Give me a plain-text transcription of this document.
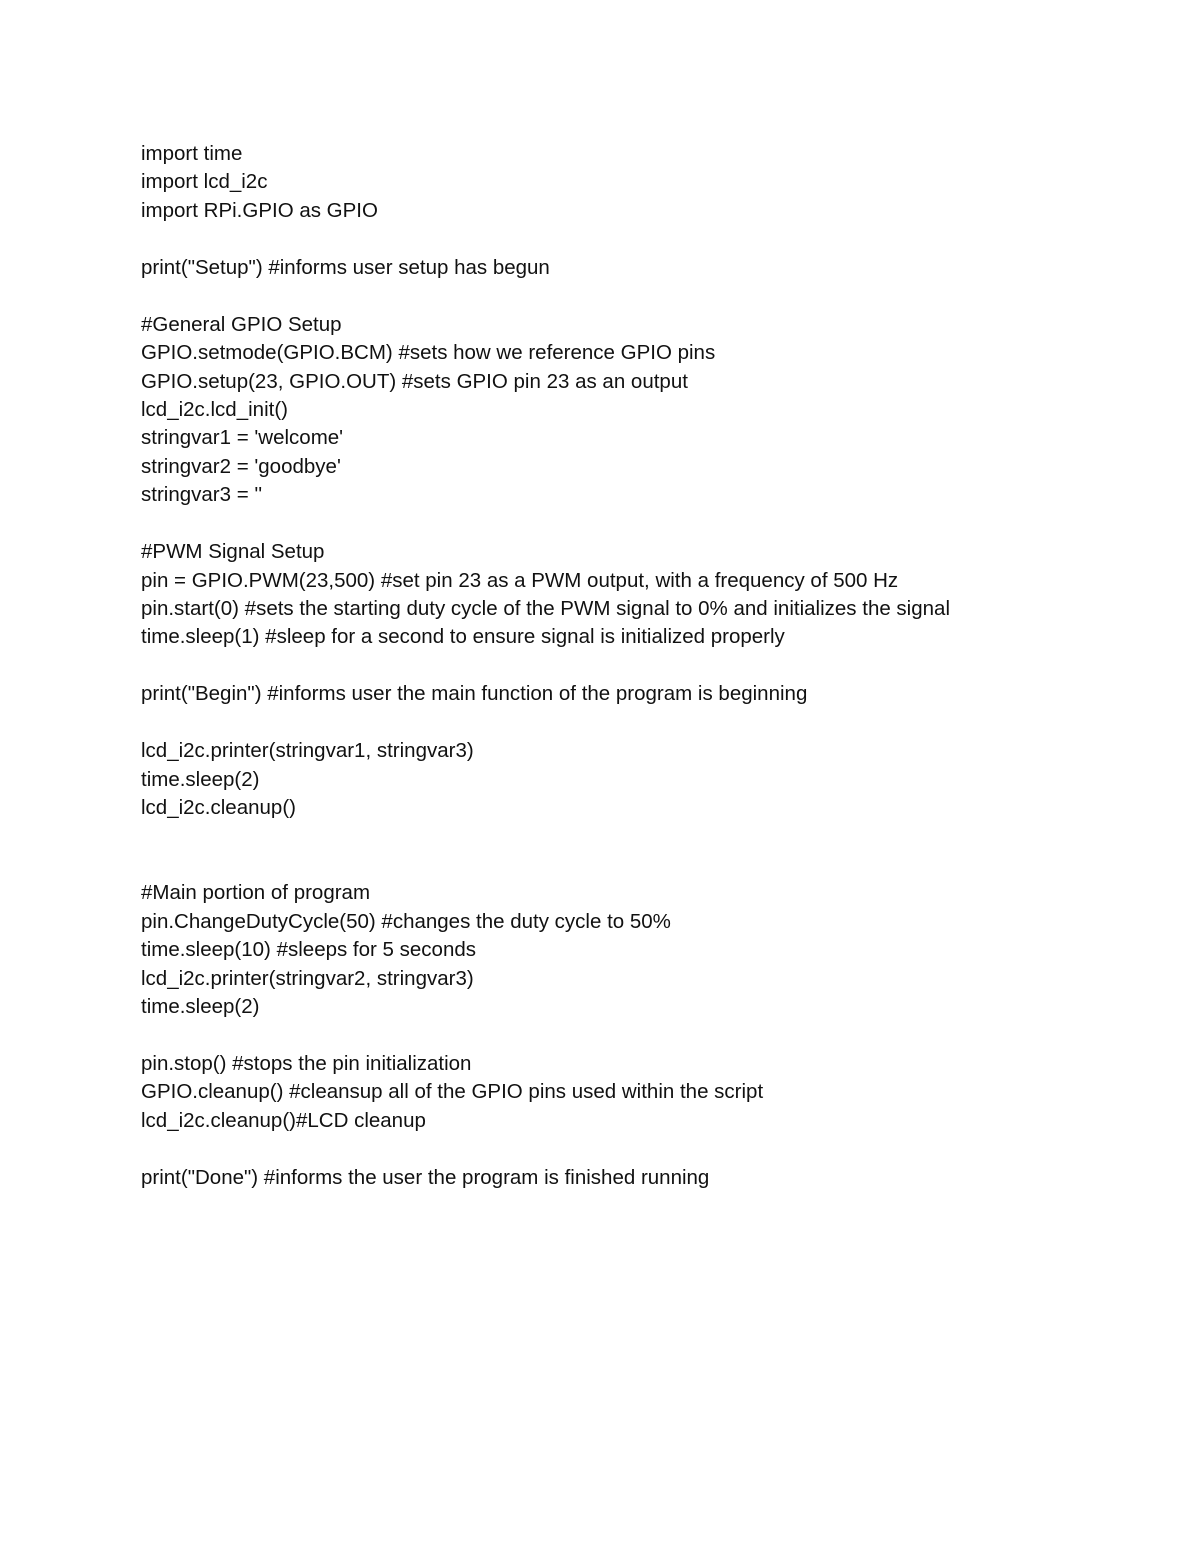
import time
import lcd_i2c
import RPi.GPIO as GPIO
print("Setup") #informs user setup has begun
#General GPIO Setup
GPIO.setmode(GPIO.BCM) #sets how we reference GPIO pins
GPIO.setup(23, GPIO.OUT) #sets GPIO pin 23 as an output
lcd_i2c.lcd_init()
stringvar1 = 'welcome'
stringvar2 = 'goodbye'
stringvar3 = ''
#PWM Signal Setup
pin = GPIO.PWM(23,500) #set pin 23 as a PWM output, with a frequency of 500 Hz
pin.start(0) #sets the starting duty cycle of the PWM signal to 0% and initializes the signal
time.sleep(1) #sleep for a second to ensure signal is initialized properly
print("Begin") #informs user the main function of the program is beginning
lcd_i2c.printer(stringvar1, stringvar3)
time.sleep(2)
lcd_i2c.cleanup()
#Main portion of program
pin.ChangeDutyCycle(50) #changes the duty cycle to 50%
time.sleep(10) #sleeps for 5 seconds
lcd_i2c.printer(stringvar2, stringvar3)
time.sleep(2)
pin.stop() #stops the pin initialization
GPIO.cleanup() #cleansup all of the GPIO pins used within the script
lcd_i2c.cleanup()#LCD cleanup
print("Done") #informs the user the program is finished running
